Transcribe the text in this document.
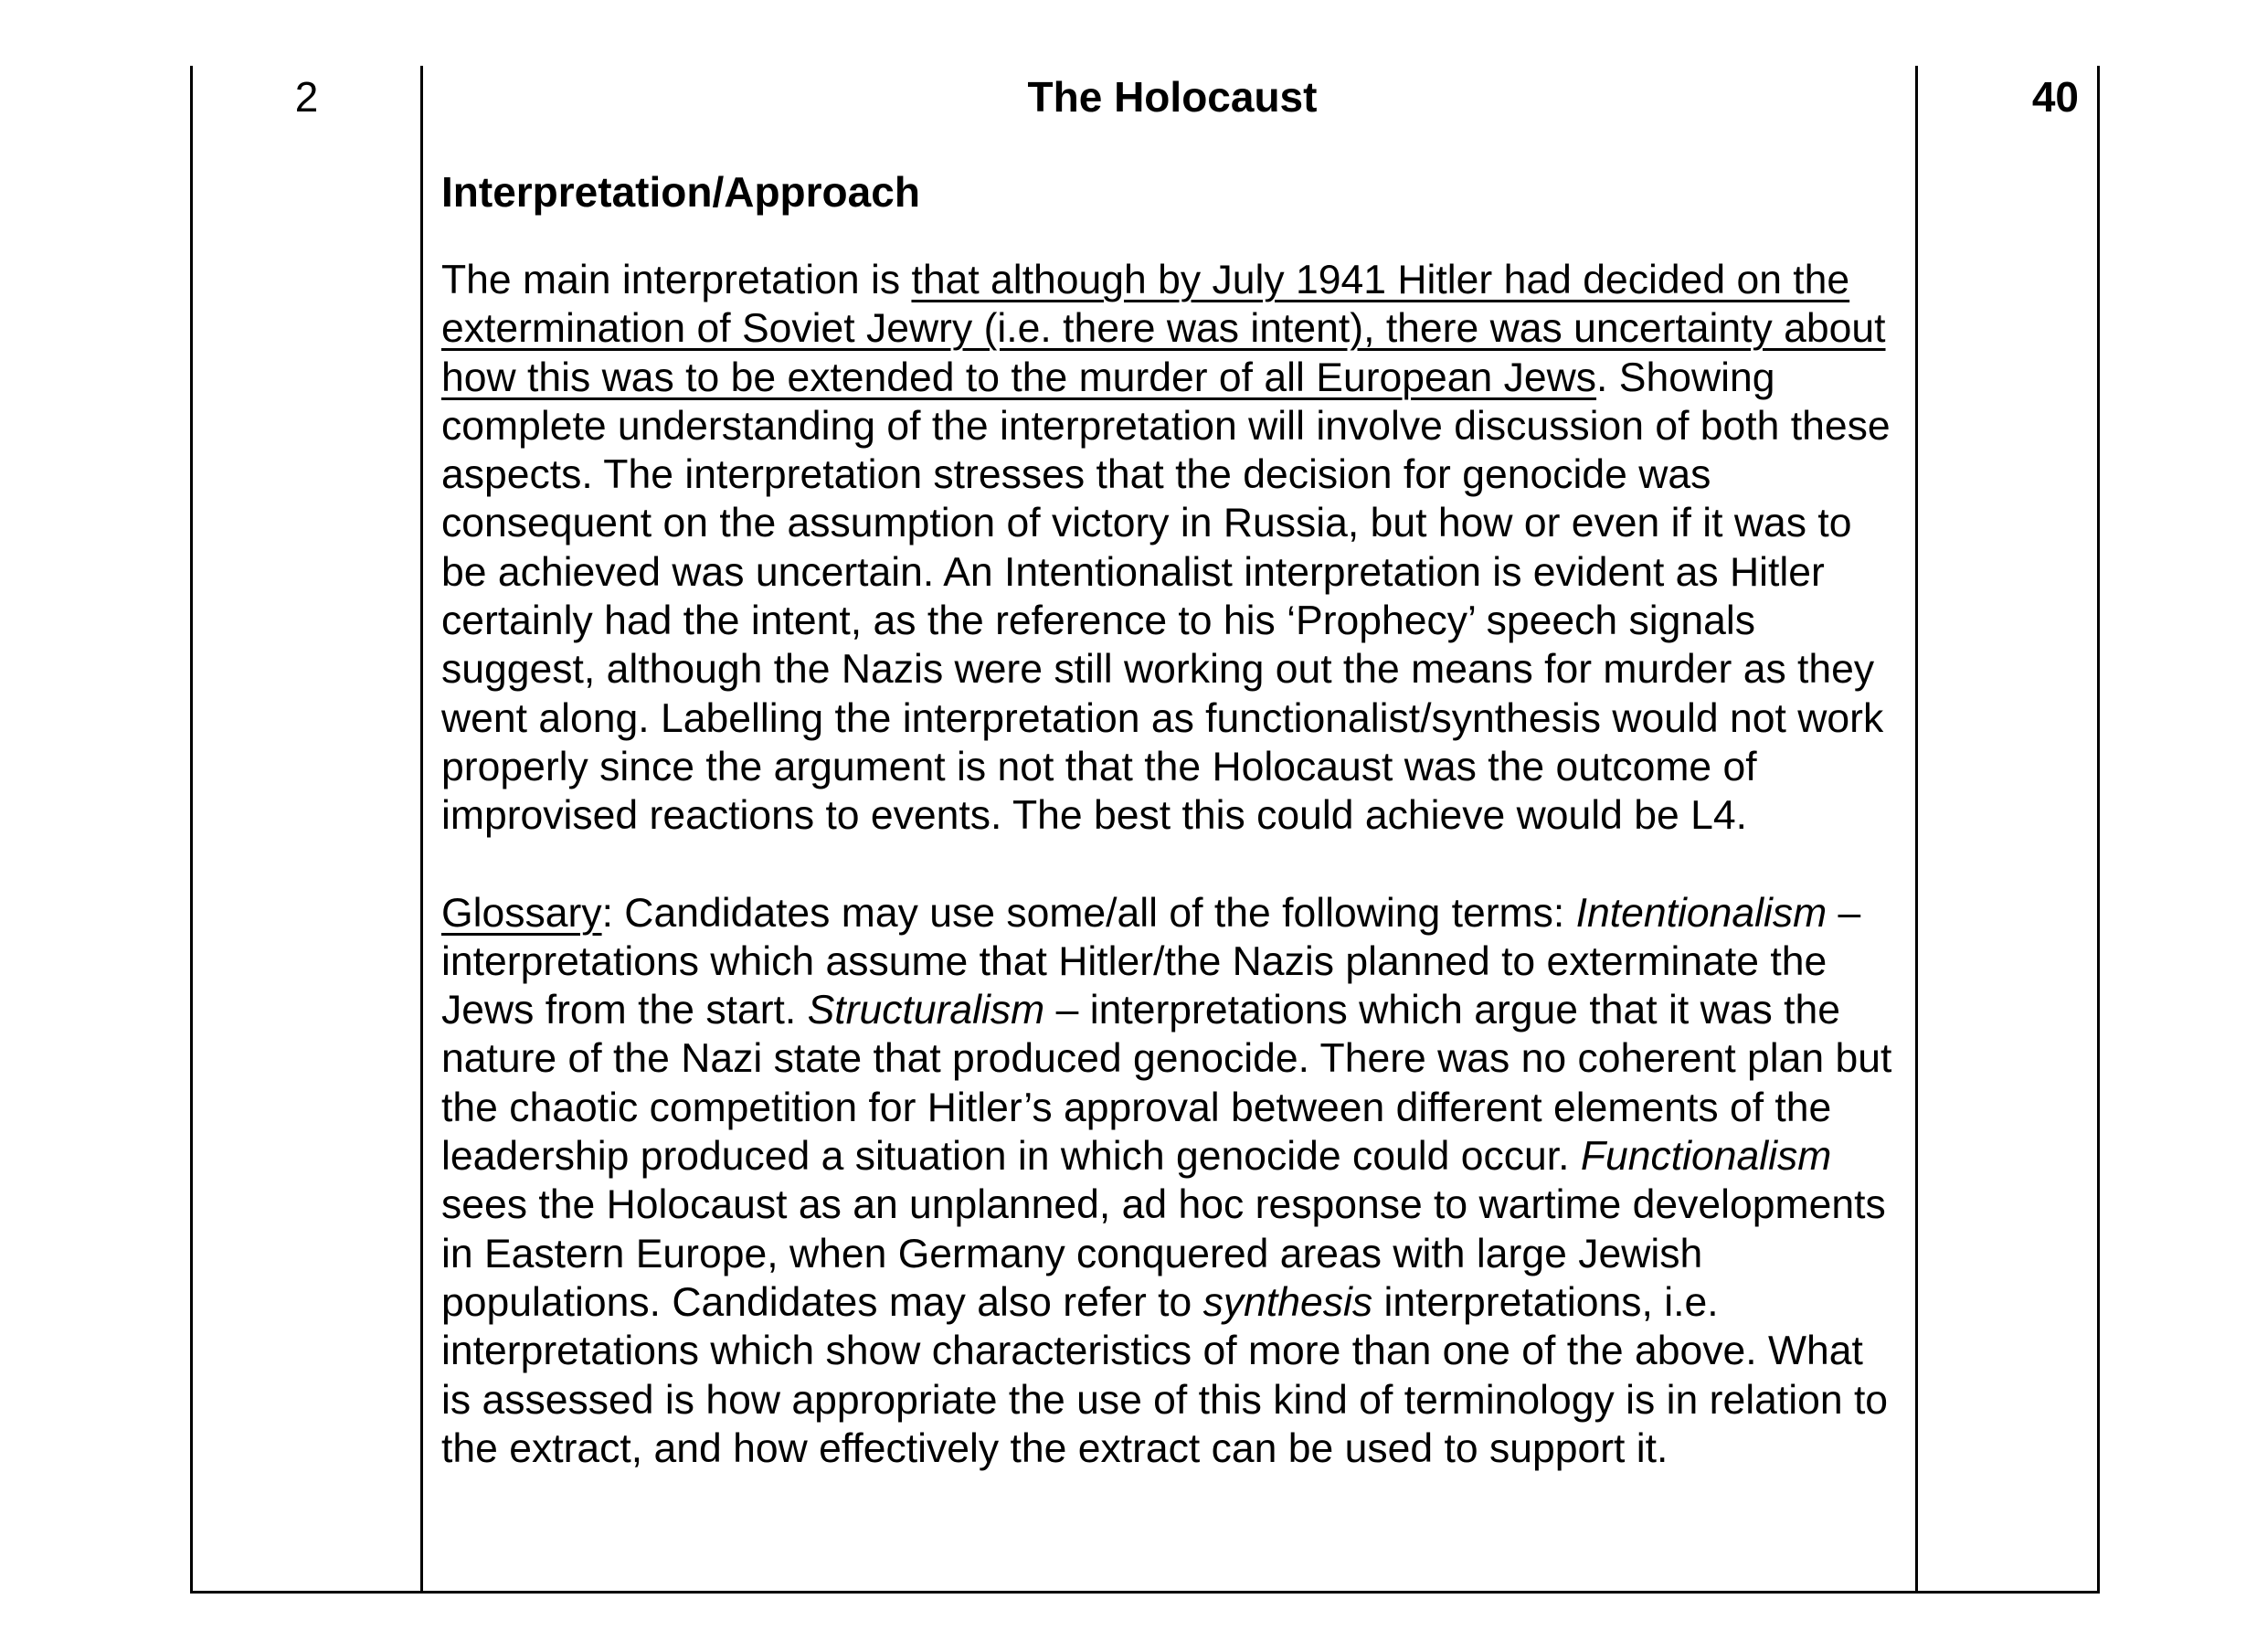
2	The Holocaust
Interpretation/Approach

The main interpretation is that although by July 1941 Hitler had decided on the extermination of Soviet Jewry (i.e. there was intent), there was uncertainty about how this was to be extended to the murder of all European Jews. Showing complete understanding of the interpretation will involve discussion of both these aspects. The interpretation stresses that the decision for genocide was consequent on the assumption of victory in Russia, but how or even if it was to be achieved was uncertain. An Intentionalist interpretation is evident as Hitler certainly had the intent, as the reference to his ‘Prophecy’ speech signals suggest, although the Nazis were still working out the means for murder as they went along. Labelling the interpretation as functionalist/synthesis would not work properly since the argument is not that the Holocaust was the outcome of improvised reactions to events. The best this could achieve would be L4.

Glossary: Candidates may use some/all of the following terms: Intentionalism – interpretations which assume that Hitler/the Nazis planned to exterminate the Jews from the start. Structuralism – interpretations which argue that it was the nature of the Nazi state that produced genocide. There was no coherent plan but the chaotic competition for Hitler’s approval between different elements of the leadership produced a situation in which genocide could occur. Functionalism sees the Holocaust as an unplanned, ad hoc response to wartime developments in Eastern Europe, when Germany conquered areas with large Jewish populations. Candidates may also refer to synthesis interpretations, i.e. interpretations which show characteristics of more than one of the above. What is assessed is how appropriate the use of this kind of terminology is in relation to the extract, and how effectively the extract can be used to support it.

40
